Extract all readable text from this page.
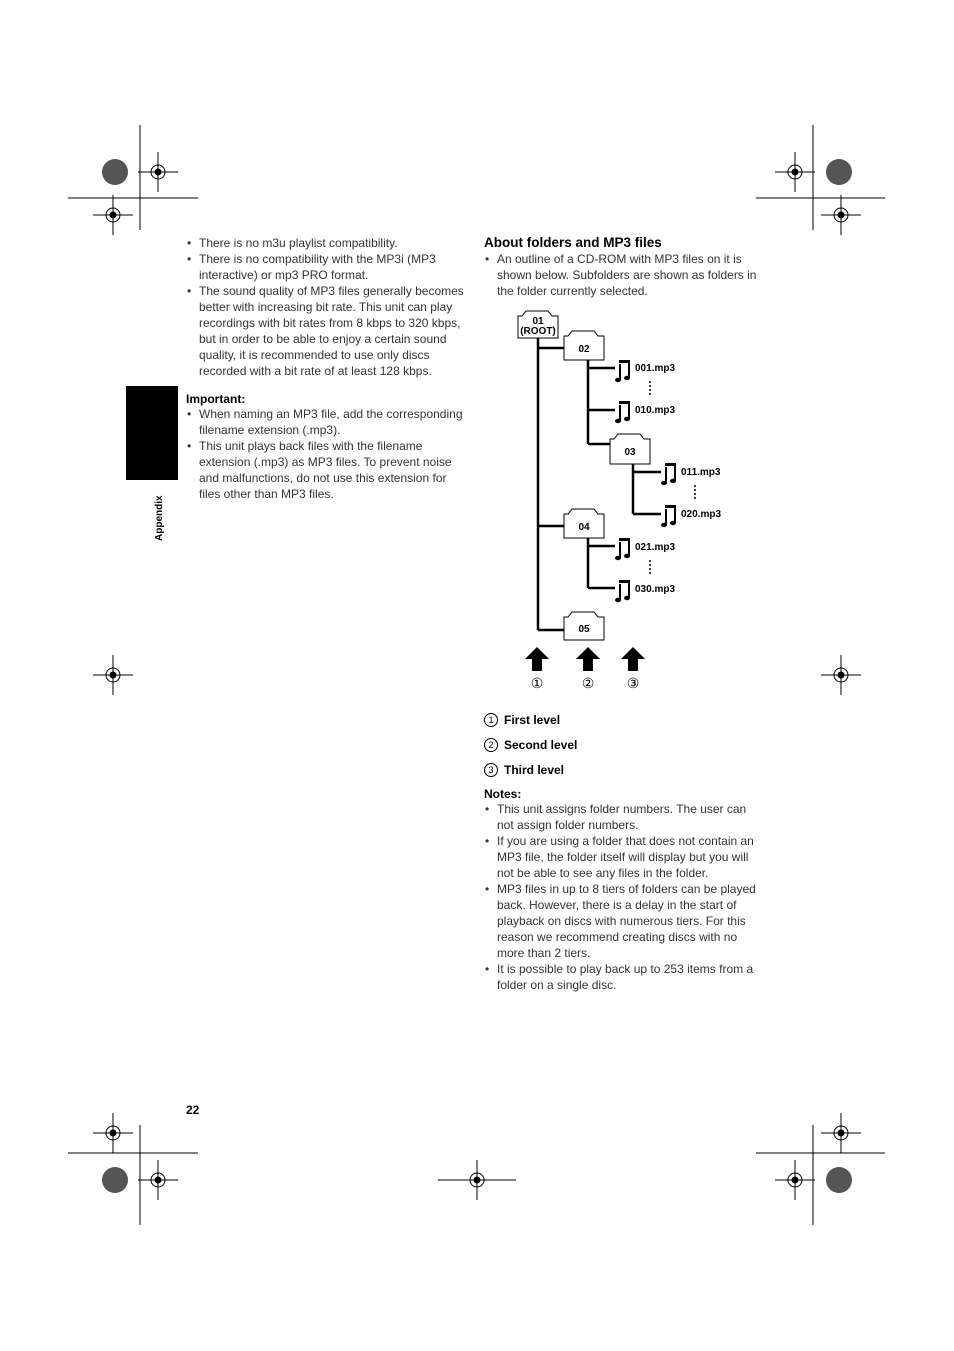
Appendix
• There is no m3u playlist compatibility.
• There is no compatibility with the MP3i (MP3 interactive) or mp3 PRO format.
• The sound quality of MP3 files generally becomes better with increasing bit rate. This unit can play recordings with bit rates from 8 kbps to 320 kbps, but in order to be able to enjoy a certain sound quality, it is recommended to use only discs recorded with a bit rate of at least 128 kbps.
Important:
• When naming an MP3 file, add the corresponding filename extension (.mp3).
• This unit plays back files with the filename extension (.mp3) as MP3 files. To prevent noise and malfunctions, do not use this extension for files other than MP3 files.
About folders and MP3 files
• An outline of a CD-ROM with MP3 files on it is shown below. Subfolders are shown as folders in the folder currently selected.
01
(ROOT)
02
03
04
05
001.mp3
010.mp3
011.mp3
020.mp3
021.mp3
030.mp3
①	② ③
1 First level
2 Second level
3 Third level
Notes:
• This unit assigns folder numbers. The user can not assign folder numbers.
• If you are using a folder that does not contain an MP3 file, the folder itself will display but you will not be able to see any files in the folder.
• MP3 files in up to 8 tiers of folders can be played back. However, there is a delay in the start of playback on discs with numerous tiers. For this reason we recommend creating discs with no more than 2 tiers.
• It is possible to play back up to 253 items from a folder on a single disc.
22
